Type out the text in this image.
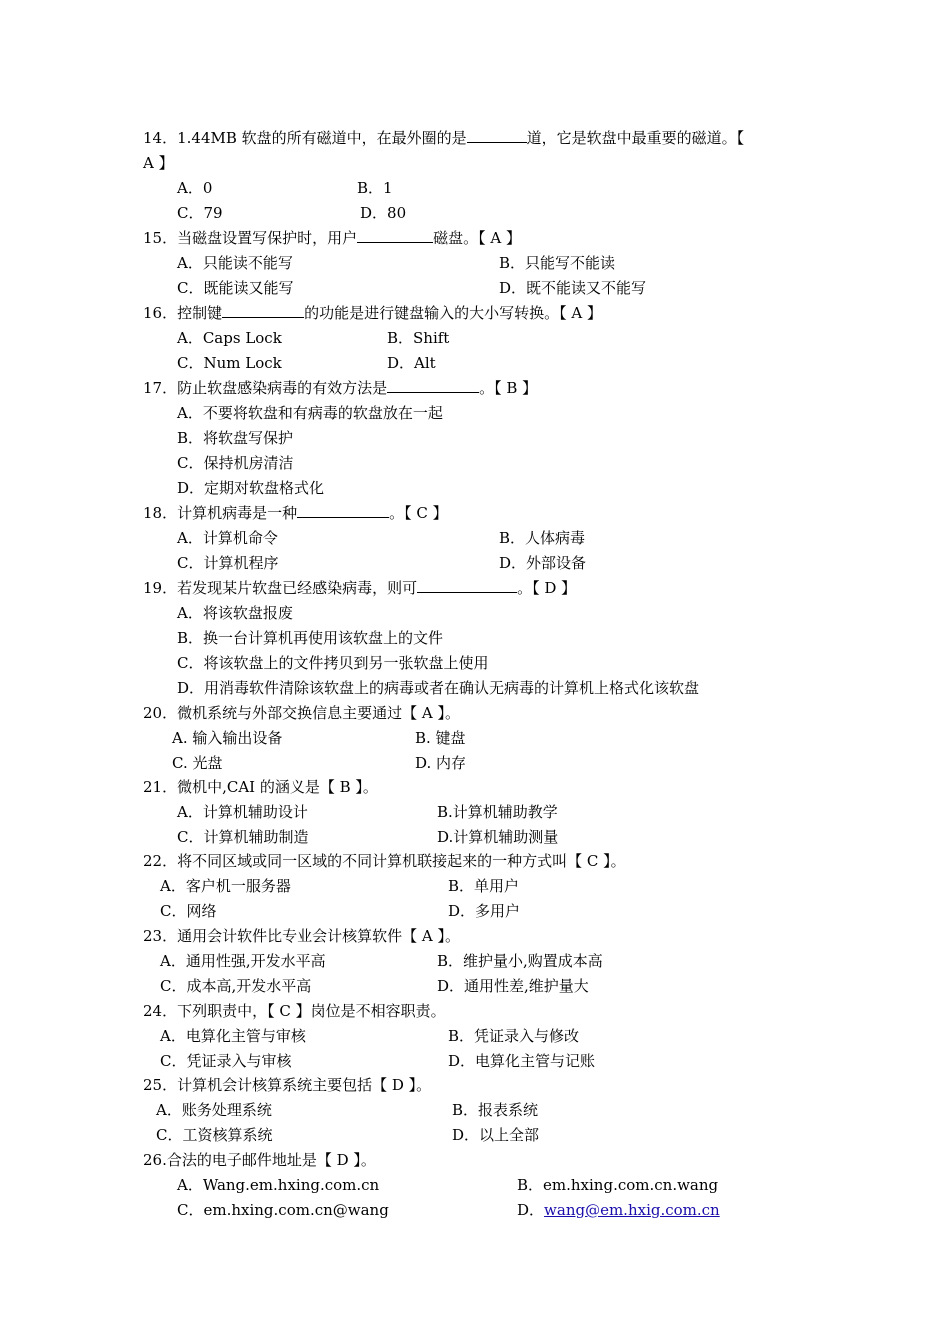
14．1.44MB 软盘的所有磁道中，在最外圈的是	道，它是软盘中最重要的磁道。【
A 】
A．0	B．1
C．79	D．80
15．当磁盘设置写保护时，用户	磁盘。【 A 】
A．只能读不能写	B．只能写不能读
C．既能读又能写	D．既不能读又不能写
16．控制键	的功能是进行键盘输入的大小写转换。【 A 】
A．Caps Lock	B．Shift
C．Num Lock	D．Alt
17．防止软盘感染病毒的有效方法是	。【 B 】
A．不要将软盘和有病毒的软盘放在一起
B．将软盘写保护
C．保持机房清洁
D．定期对软盘格式化
18．计算机病毒是一种	。【 C 】
A．计算机命令	B．人体病毒
C．计算机程序	D．外部设备
19．若发现某片软盘已经感染病毒，则可	。【 D 】
A．将该软盘报废
B．换一台计算机再使用该软盘上的文件
C．将该软盘上的文件拷贝到另一张软盘上使用
D．用消毒软件清除该软盘上的病毒或者在确认无病毒的计算机上格式化该软盘
20．微机系统与外部交换信息主要通过【 A 】。
A. 输入输出设备	B. 键盘
C. 光盘	D. 内存
21．微机中,CAI 的涵义是【 B 】。
A．计算机辅助设计	B.计算机辅助教学
C．计算机辅助制造	D.计算机辅助测量
22．将不同区域或同一区域的不同计算机联接起来的一种方式叫【 C 】。
A．客户机一服务器	B．单用户
C．网络	D．多用户
23．通用会计软件比专业会计核算软件【 A 】。
A．通用性强,开发水平高	B．维护量小,购置成本高
C．成本高,开发水平高	D．通用性差,维护量大
24．下列职责中，【 C 】岗位是不相容职责。
A．电算化主管与审核	B．凭证录入与修改
C．凭证录入与审核	D．电算化主管与记账
25．计算机会计核算系统主要包括【 D 】。
A．账务处理系统	B．报表系统
C．工资核算系统	D．以上全部
26.合法的电子邮件地址是【 D 】。
A．Wang.em.hxing.com.cn	B．em.hxing.com.cn.wang
C．em.hxing.com.cn@wang	D．wang@em.hxig.com.cn
